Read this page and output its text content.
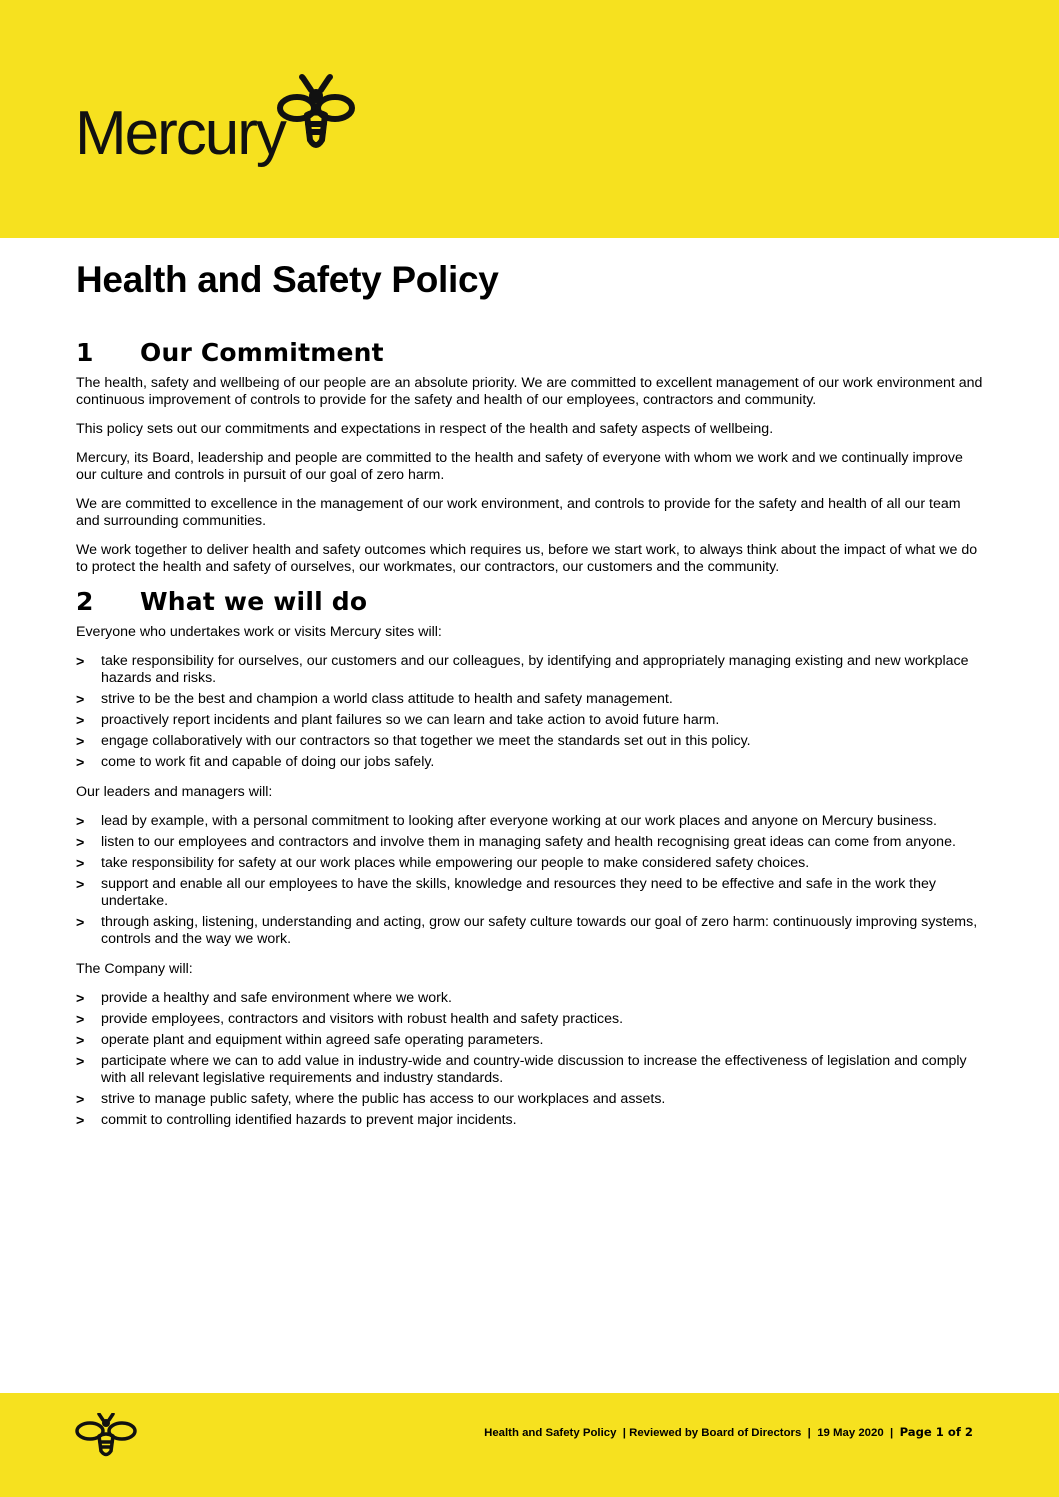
Mercury
Health and Safety Policy
1 Our Commitment

The health, safety and wellbeing of our people are an absolute priority. We are committed to excellent management of our work environment and continuous improvement of controls to provide for the safety and health of our employees, contractors and community.

This policy sets out our commitments and expectations in respect of the health and safety aspects of wellbeing.

Mercury, its Board, leadership and people are committed to the health and safety of everyone with whom we work and we continually improve our culture and controls in pursuit of our goal of zero harm.

We are committed to excellence in the management of our work environment, and controls to provide for the safety and health of all our team and surrounding communities.

We work together to deliver health and safety outcomes which requires us, before we start work, to always think about the impact of what we do to protect the health and safety of ourselves, our workmates, our contractors, our customers and the community.

2 What we will do

Everyone who undertakes work or visits Mercury sites will:

> take responsibility for ourselves, our customers and our colleagues, by identifying and appropriately managing existing and new workplace hazards and risks.
> strive to be the best and champion a world class attitude to health and safety management.
> proactively report incidents and plant failures so we can learn and take action to avoid future harm.
> engage collaboratively with our contractors so that together we meet the standards set out in this policy.
> come to work fit and capable of doing our jobs safely.

Our leaders and managers will:

> lead by example, with a personal commitment to looking after everyone working at our work places and anyone on Mercury business.
> listen to our employees and contractors and involve them in managing safety and health recognising great ideas can come from anyone.
> take responsibility for safety at our work places while empowering our people to make considered safety choices.
> support and enable all our employees to have the skills, knowledge and resources they need to be effective and safe in the work they undertake.
> through asking, listening, understanding and acting, grow our safety culture towards our goal of zero harm: continuously improving systems, controls and the way we work.

The Company will:

> provide a healthy and safe environment where we work.
> provide employees, contractors and visitors with robust health and safety practices.
> operate plant and equipment within agreed safe operating parameters.
> participate where we can to add value in industry-wide and country-wide discussion to increase the effectiveness of legislation and comply with all relevant legislative requirements and industry standards.
> strive to manage public safety, where the public has access to our workplaces and assets.
> commit to controlling identified hazards to prevent major incidents.
Health and Safety Policy | Reviewed by Board of Directors | 19 May 2020 | Page 1 of 2
